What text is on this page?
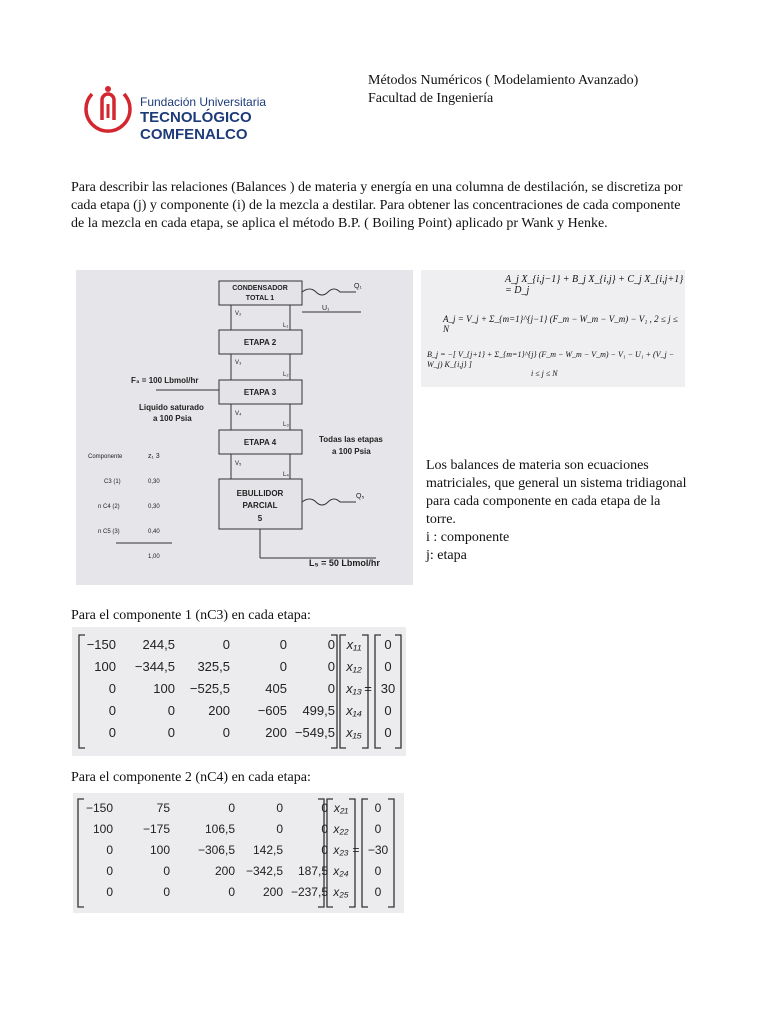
Fundación Universitaria
TECNOLÓGICO COMFENALCO
Métodos Numéricos ( Modelamiento Avanzado)
Facultad de Ingeniería
Para describir las relaciones (Balances ) de materia y energía en una columna de destilación, se discretiza por cada etapa (j) y componente (i) de la mezcla a destilar. Para obtener las concentraciones de cada componente de la mezcla en cada etapa, se aplica el método B.P. ( Boiling Point) aplicado pr Wank y Henke.
CONDENSADOR
TOTAL 1
ETAPA 2
ETAPA 3
ETAPA 4
EBULLIDOR
PARCIAL
5
Q₁
U₁
Q₅
V₂
V₃
V₄
V₅
L₁
L₂
L₃
L₄
F₃ = 100 Lbmol/hr
Liquido saturado
a 100 Psia
Todas las etapas
a 100 Psia
L₅ = 50 Lbmol/hr
Componente	z₁ 3
C3 (1)	0,30
n C4 (2)	0,30
n C5 (3)	0,40
1,00
A_j X_{i,j−1} + B_j X_{i,j} + C_j X_{i,j+1} = D_j
A_j = V_j + Σ_{m=1}^{j−1} (F_m − W_m − V_m) − V₁ , 2 ≤ j ≤ N
B_j = −[ V_{j+1} + Σ_{m=1}^{j} (F_m − W_m − V_m) − V₁ − U₁ + (V_j − W_j) K_{i,j} ]
i ≤ j ≤ N
Los balances de materia son ecuaciones matriciales, que general un sistema tridiagonal para cada componente en cada etapa de la torre.
i : componente
j: etapa
Para el componente 1 (nC3) en cada etapa:
−150	244,5	0	0	0 x₁₁	0
100	−344,5	325,5	0	0 x₁₂	0
0	100	−525,5	405	0 x₁₃	30
0	0	200	−605	499,5 x₁₄	0
0	0	0	200 −549,5 x₁₅	0
=
Para el componente 2 (nC4) en cada etapa:
−150	75	0	0	0 x₂₁	0
100	−175	106,5	0	0 x₂₂	0
0	100	−306,5	142,5	0 x₂₃	−30
0	0	200 −342,5	187,5 x₂₄	0
0	0	0	200 −237,5 x₂₅	0
=
